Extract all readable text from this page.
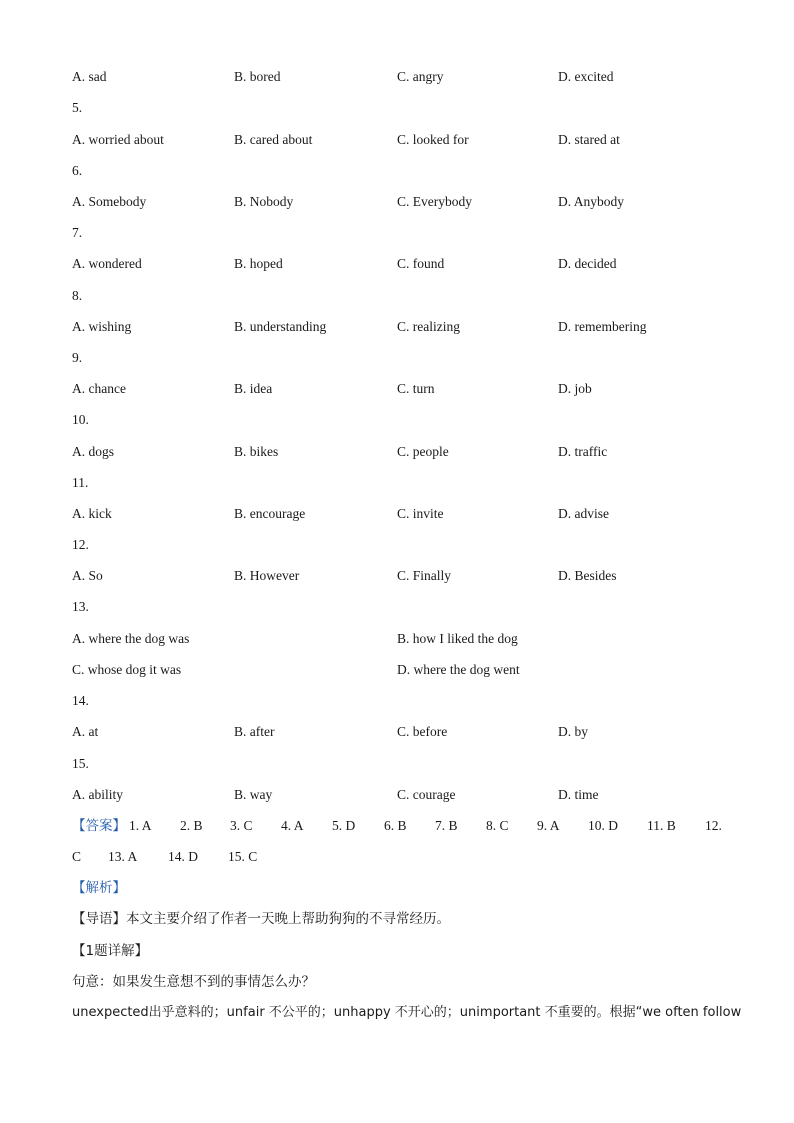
A. sad	B. bored	C. angry	D. excited
5.
A. worried about	B. cared about	C. looked for	D. stared at
6.
A. Somebody	B. Nobody	C. Everybody	D. Anybody
7.
A. wondered	B. hoped	C. found	D. decided
8.
A. wishing	B. understanding	C. realizing	D. remembering
9.
A. chance	B. idea	C. turn	D. job
10.
A. dogs	B. bikes	C. people	D. traffic
11.
A. kick	B. encourage	C. invite	D. advise
12.
A. So	B. However	C. Finally	D. Besides
13.
A. where the dog was	B. how I liked the dog
C. whose dog it was	D. where the dog went
14.
A. at	B. after	C. before	D. by
15.
A. ability	B. way	C. courage	D. time
【答案】 1. A 2. B 3. C 4. A 5. D 6. B 7. B 8. C 9. A 10. D 11. B 12.
C 13. A 14. D 15. C
【解析】
【导语】本文主要介绍了作者一天晚上帮助狗狗的不寻常经历。
【1题详解】
句意：如果发生意想不到的事情怎么办？
unexpected出乎意料的；unfair 不公平的；unhappy 不开心的；unimportant 不重要的。根据“we often follow
